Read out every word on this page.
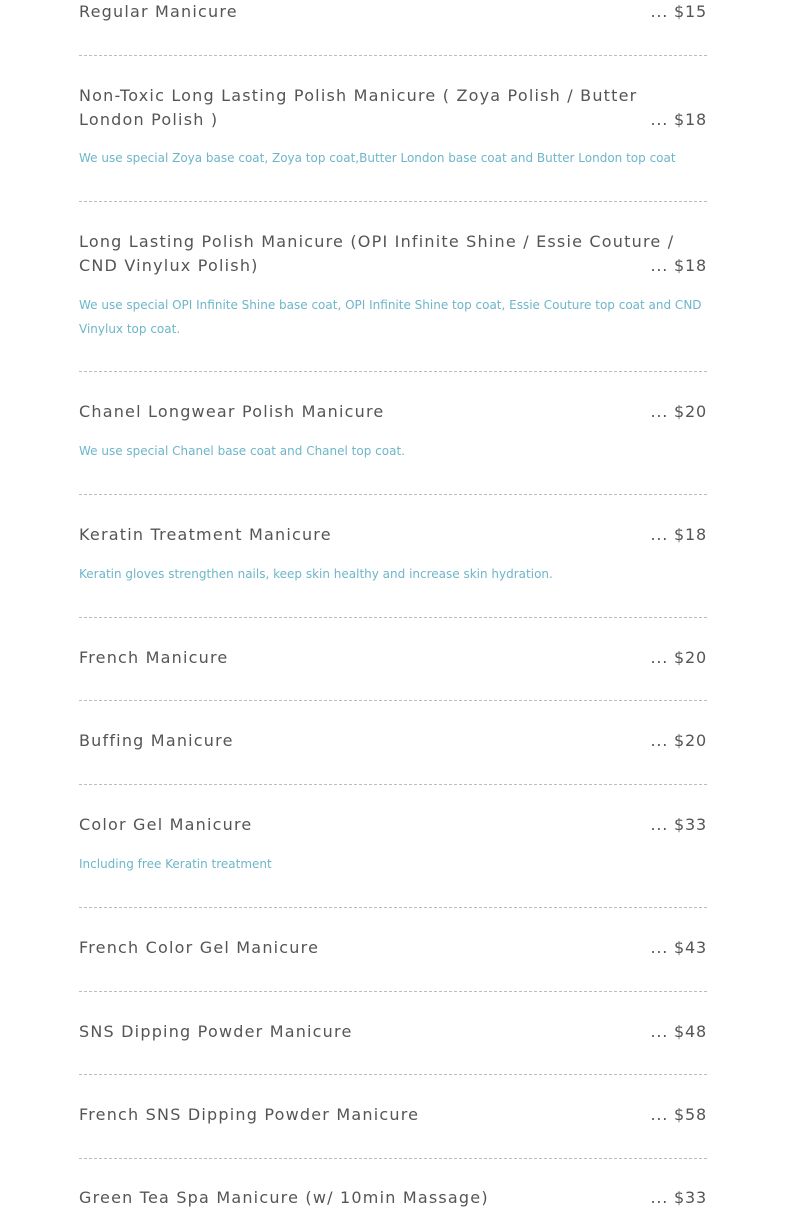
Regular Manicure	... $15
Non-Toxic Long Lasting Polish Manicure ( Zoya Polish / Butter London Polish )	... $18

We use special Zoya base coat, Zoya top coat,Butter London base coat and Butter London top coat

Long Lasting Polish Manicure (OPI Infinite Shine / Essie Couture / CND Vinylux Polish)	... $18

We use special OPI Infinite Shine base coat, OPI Infinite Shine top coat, Essie Couture top coat and CND Vinylux top coat.

Chanel Longwear Polish Manicure	... $20

We use special Chanel base coat and Chanel top coat.

Keratin Treatment Manicure	... $18

Keratin gloves strengthen nails, keep skin healthy and increase skin hydration.

French Manicure	... $20
Buffing Manicure	... $20
Color Gel Manicure	... $33

Including free Keratin treatment

French Color Gel Manicure	... $43
SNS Dipping Powder Manicure	... $48
French SNS Dipping Powder Manicure	... $58
Green Tea Spa Manicure (w/ 10min Massage)	... $33
